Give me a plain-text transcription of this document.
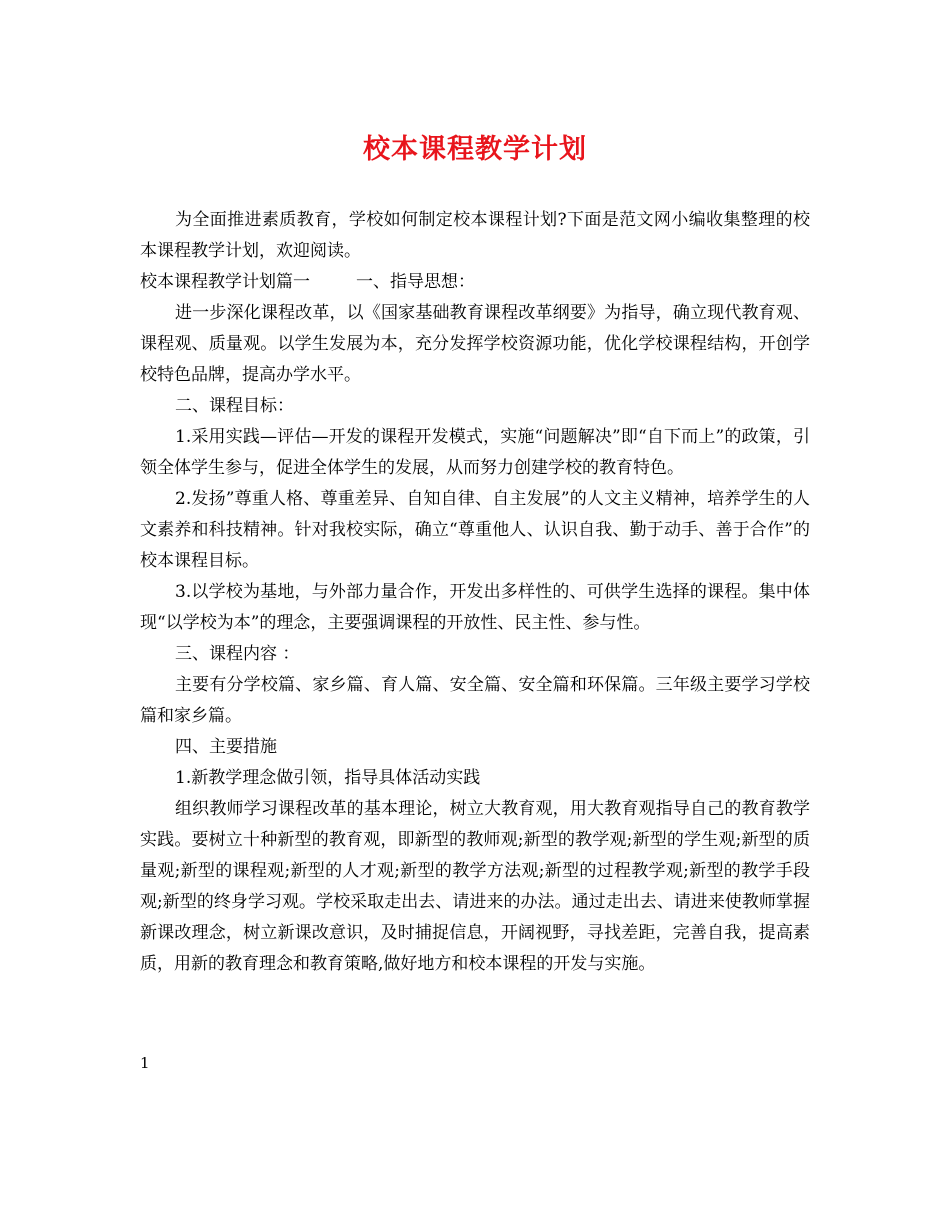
校本课程教学计划

为全面推进素质教育，学校如何制定校本课程计划?下面是范文网小编收集整理的校本课程教学计划，欢迎阅读。

校本课程教学计划篇一	一、指导思想：

进一步深化课程改革，以《国家基础教育课程改革纲要》为指导，确立现代教育观、课程观、质量观。以学生发展为本，充分发挥学校资源功能，优化学校课程结构，开创学校特色品牌，提高办学水平。

二、课程目标：

1.采用实践—评估—开发的课程开发模式，实施“问题解决”即“自下而上”的政策，引领全体学生参与，促进全体学生的发展，从而努力创建学校的教育特色。

2.发扬”尊重人格、尊重差异、自知自律、自主发展”的人文主义精神，培养学生的人文素养和科技精神。针对我校实际，确立“尊重他人、认识自我、勤于动手、善于合作”的校本课程目标。

3.以学校为基地，与外部力量合作，开发出多样性的、可供学生选择的课程。集中体现“以学校为本”的理念，主要强调课程的开放性、民主性、参与性。

三、课程内容 ：

主要有分学校篇、家乡篇、育人篇、安全篇、安全篇和环保篇。三年级主要学习学校篇和家乡篇。

四、主要措施

1.新教学理念做引领，指导具体活动实践

组织教师学习课程改革的基本理论，树立大教育观，用大教育观指导自己的教育教学实践。要树立十种新型的教育观，即新型的教师观;新型的教学观;新型的学生观;新型的质量观;新型的课程观;新型的人才观;新型的教学方法观;新型的过程教学观;新型的教学手段观;新型的终身学习观。学校采取走出去、请进来的办法。通过走出去、请进来使教师掌握新课改理念，树立新课改意识，及时捕捉信息，开阔视野，寻找差距，完善自我，提高素质，用新的教育理念和教育策略,做好地方和校本课程的开发与实施。

1
